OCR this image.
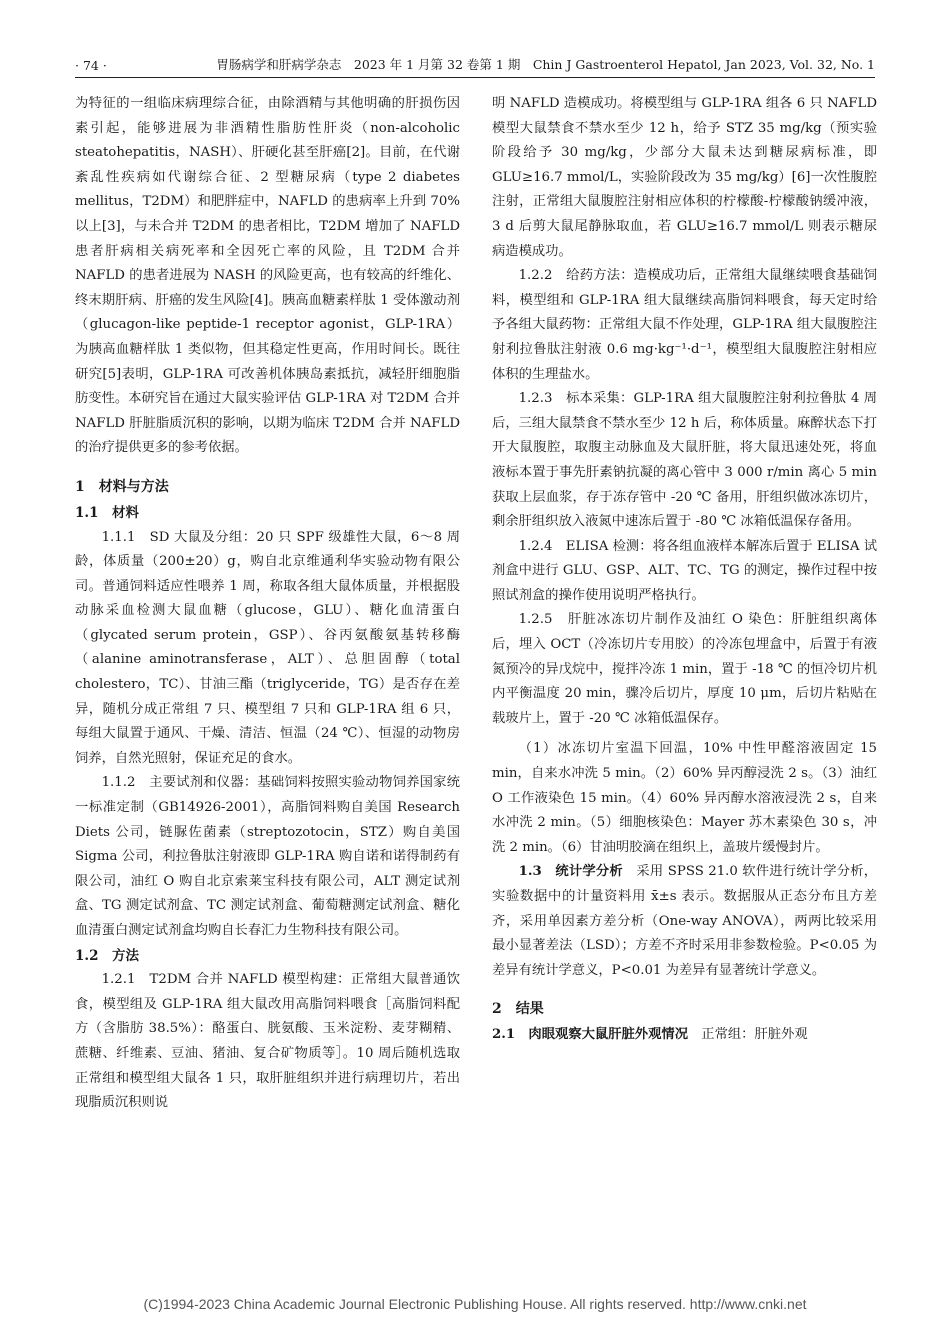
· 74 ·	胃肠病学和肝病学杂志　2023 年 1 月第 32 卷第 1 期　Chin J Gastroenterol Hepatol, Jan 2023, Vol. 32, No. 1

为特征的一组临床病理综合征，由除酒精与其他明确的肝损伤因素引起，能够进展为非酒精性脂肪性肝炎（non-alcoholic steatohepatitis，NASH）、肝硬化甚至肝癌[2]。目前，在代谢紊乱性疾病如代谢综合征、2 型糖尿病（type 2 diabetes mellitus，T2DM）和肥胖症中，NAFLD 的患病率上升到 70% 以上[3]，与未合并 T2DM 的患者相比，T2DM 增加了 NAFLD 患者肝病相关病死率和全因死亡率的风险，且 T2DM 合并 NAFLD 的患者进展为 NASH 的风险更高，也有较高的纤维化、终末期肝病、肝癌的发生风险[4]。胰高血糖素样肽 1 受体激动剂（glucagon-like peptide-1 receptor agonist，GLP-1RA）为胰高血糖样肽 1 类似物，但其稳定性更高，作用时间长。既往研究[5]表明，GLP-1RA 可改善机体胰岛素抵抗，减轻肝细胞脂肪变性。本研究旨在通过大鼠实验评估 GLP-1RA 对 T2DM 合并 NAFLD 肝脏脂质沉积的影响，以期为临床 T2DM 合并 NAFLD 的治疗提供更多的参考依据。

1　材料与方法
1.1　材料

1.1.1　SD 大鼠及分组：20 只 SPF 级雄性大鼠，6～8 周龄，体质量（200±20）g，购自北京维通利华实验动物有限公司。普通饲料适应性喂养 1 周，称取各组大鼠体质量，并根据股动脉采血检测大鼠血糖（glucose，GLU）、糖化血清蛋白（glycated serum protein，GSP）、谷丙氨酸氨基转移酶（alanine aminotransferase，ALT）、总胆固醇（total cholestero，TC）、甘油三酯（triglyceride，TG）是否存在差异，随机分成正常组 7 只、模型组 7 只和 GLP-1RA 组 6 只，每组大鼠置于通风、干燥、清洁、恒温（24 ℃）、恒湿的动物房饲养，自然光照射，保证充足的食水。

1.1.2　主要试剂和仪器：基础饲料按照实验动物饲养国家统一标准定制（GB14926-2001），高脂饲料购自美国 Research Diets 公司，链脲佐菌素（streptozotocin，STZ）购自美国 Sigma 公司，利拉鲁肽注射液即 GLP-1RA 购自诺和诺得制药有限公司，油红 O 购自北京索莱宝科技有限公司，ALT 测定试剂盒、TG 测定试剂盒、TC 测定试剂盒、葡萄糖测定试剂盒、糖化血清蛋白测定试剂盒均购自长春汇力生物科技有限公司。

1.2　方法

1.2.1　T2DM 合并 NAFLD 模型构建：正常组大鼠普通饮食，模型组及 GLP-1RA 组大鼠改用高脂饲料喂食［高脂饲料配方（含脂肪 38.5%）：酪蛋白、胱氨酸、玉米淀粉、麦芽糊精、蔗糖、纤维素、豆油、猪油、复合矿物质等］。10 周后随机选取正常组和模型组大鼠各 1 只，取肝脏组织并进行病理切片，若出现脂质沉积则说

明 NAFLD 造模成功。将模型组与 GLP-1RA 组各 6 只 NAFLD 模型大鼠禁食不禁水至少 12 h，给予 STZ 35 mg/kg（预实验阶段给予 30 mg/kg，少部分大鼠未达到糖尿病标准，即 GLU≥16.7 mmol/L，实验阶段改为 35 mg/kg）[6]一次性腹腔注射，正常组大鼠腹腔注射相应体积的柠檬酸-柠檬酸钠缓冲液，3 d 后剪大鼠尾静脉取血，若 GLU≥16.7 mmol/L 则表示糖尿病造模成功。

1.2.2　给药方法：造模成功后，正常组大鼠继续喂食基础饲料，模型组和 GLP-1RA 组大鼠继续高脂饲料喂食，每天定时给予各组大鼠药物：正常组大鼠不作处理，GLP-1RA 组大鼠腹腔注射利拉鲁肽注射液 0.6 mg·kg⁻¹·d⁻¹，模型组大鼠腹腔注射相应体积的生理盐水。

1.2.3　标本采集：GLP-1RA 组大鼠腹腔注射利拉鲁肽 4 周后，三组大鼠禁食不禁水至少 12 h 后，称体质量。麻醉状态下打开大鼠腹腔，取腹主动脉血及大鼠肝脏，将大鼠迅速处死，将血液标本置于事先肝素钠抗凝的离心管中 3 000 r/min 离心 5 min 获取上层血浆，存于冻存管中 -20 ℃ 备用，肝组织做冰冻切片，剩余肝组织放入液氮中速冻后置于 -80 ℃ 冰箱低温保存备用。

1.2.4　ELISA 检测：将各组血液样本解冻后置于 ELISA 试剂盒中进行 GLU、GSP、ALT、TC、TG 的测定，操作过程中按照试剂盒的操作使用说明严格执行。

1.2.5　肝脏冰冻切片制作及油红 O 染色：肝脏组织离体后，埋入 OCT（冷冻切片专用胶）的冷冻包埋盒中，后置于有液氮预冷的异戊烷中，搅拌冷冻 1 min，置于 -18 ℃ 的恒冷切片机内平衡温度 20 min，骤冷后切片，厚度 10 μm，后切片粘贴在载玻片上，置于 -20 ℃ 冰箱低温保存。

（1）冰冻切片室温下回温，10% 中性甲醛溶液固定 15 min，自来水冲洗 5 min。（2）60% 异丙醇浸洗 2 s。（3）油红 O 工作液染色 15 min。（4）60% 异丙醇水溶液浸洗 2 s，自来水冲洗 2 min。（5）细胞核染色：Mayer 苏木素染色 30 s，冲洗 2 min。（6）甘油明胶滴在组织上，盖玻片缓慢封片。

1.3　统计学分析　采用 SPSS 21.0 软件进行统计学分析，实验数据中的计量资料用 x̄±s 表示。数据服从正态分布且方差齐，采用单因素方差分析（One-way ANOVA），两两比较采用最小显著差法（LSD）；方差不齐时采用非参数检验。P<0.05 为差异有统计学意义，P<0.01 为差异有显著统计学意义。

2　结果

2.1　肉眼观察大鼠肝脏外观情况　正常组：肝脏外观

(C)1994-2023 China Academic Journal Electronic Publishing House. All rights reserved. http://www.cnki.net
